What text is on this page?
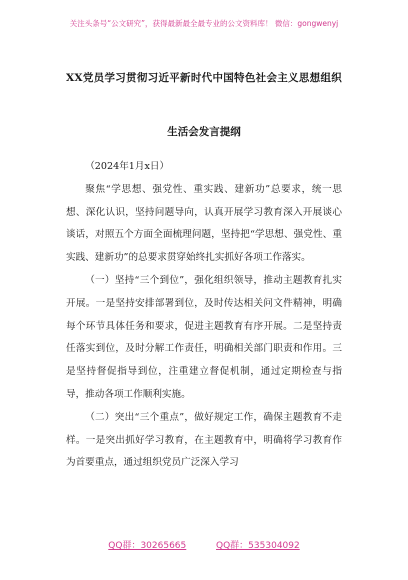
关注头条号“公文研究”，获得最新最全最专业的公文资料库！ 微信：gongwenyj
XX党员学习贯彻习近平新时代中国特色社会主义思想组织
生活会发言提纲

（2024年1月x日）

聚焦“学思想、强党性、重实践、建新功”总要求，统一思想、深化认识，坚持问题导向，认真开展学习教育深入开展谈心谈话，对照五个方面全面梳理问题，坚持把“学思想、强党性、重实践、建新功”的总要求贯穿始终扎实抓好各项工作落实。

（一）坚持“三个到位”，强化组织领导，推动主题教育扎实开展。一是坚持安排部署到位，及时传达相关问文件精神，明确每个环节具体任务和要求，促进主题教育有序开展。二是坚持责任落实到位，及时分解工作责任，明确相关部门职责和作用。三是坚持督促指导到位，注重建立督促机制，通过定期检查与指导，推动各项工作顺利实施。

（二）突出“三个重点”，做好规定工作，确保主题教育不走样。一是突出抓好学习教育，在主题教育中，明确将学习教育作为首要重点，通过组织党员广泛深入学习

QQ群：30265665	QQ群：535304092
